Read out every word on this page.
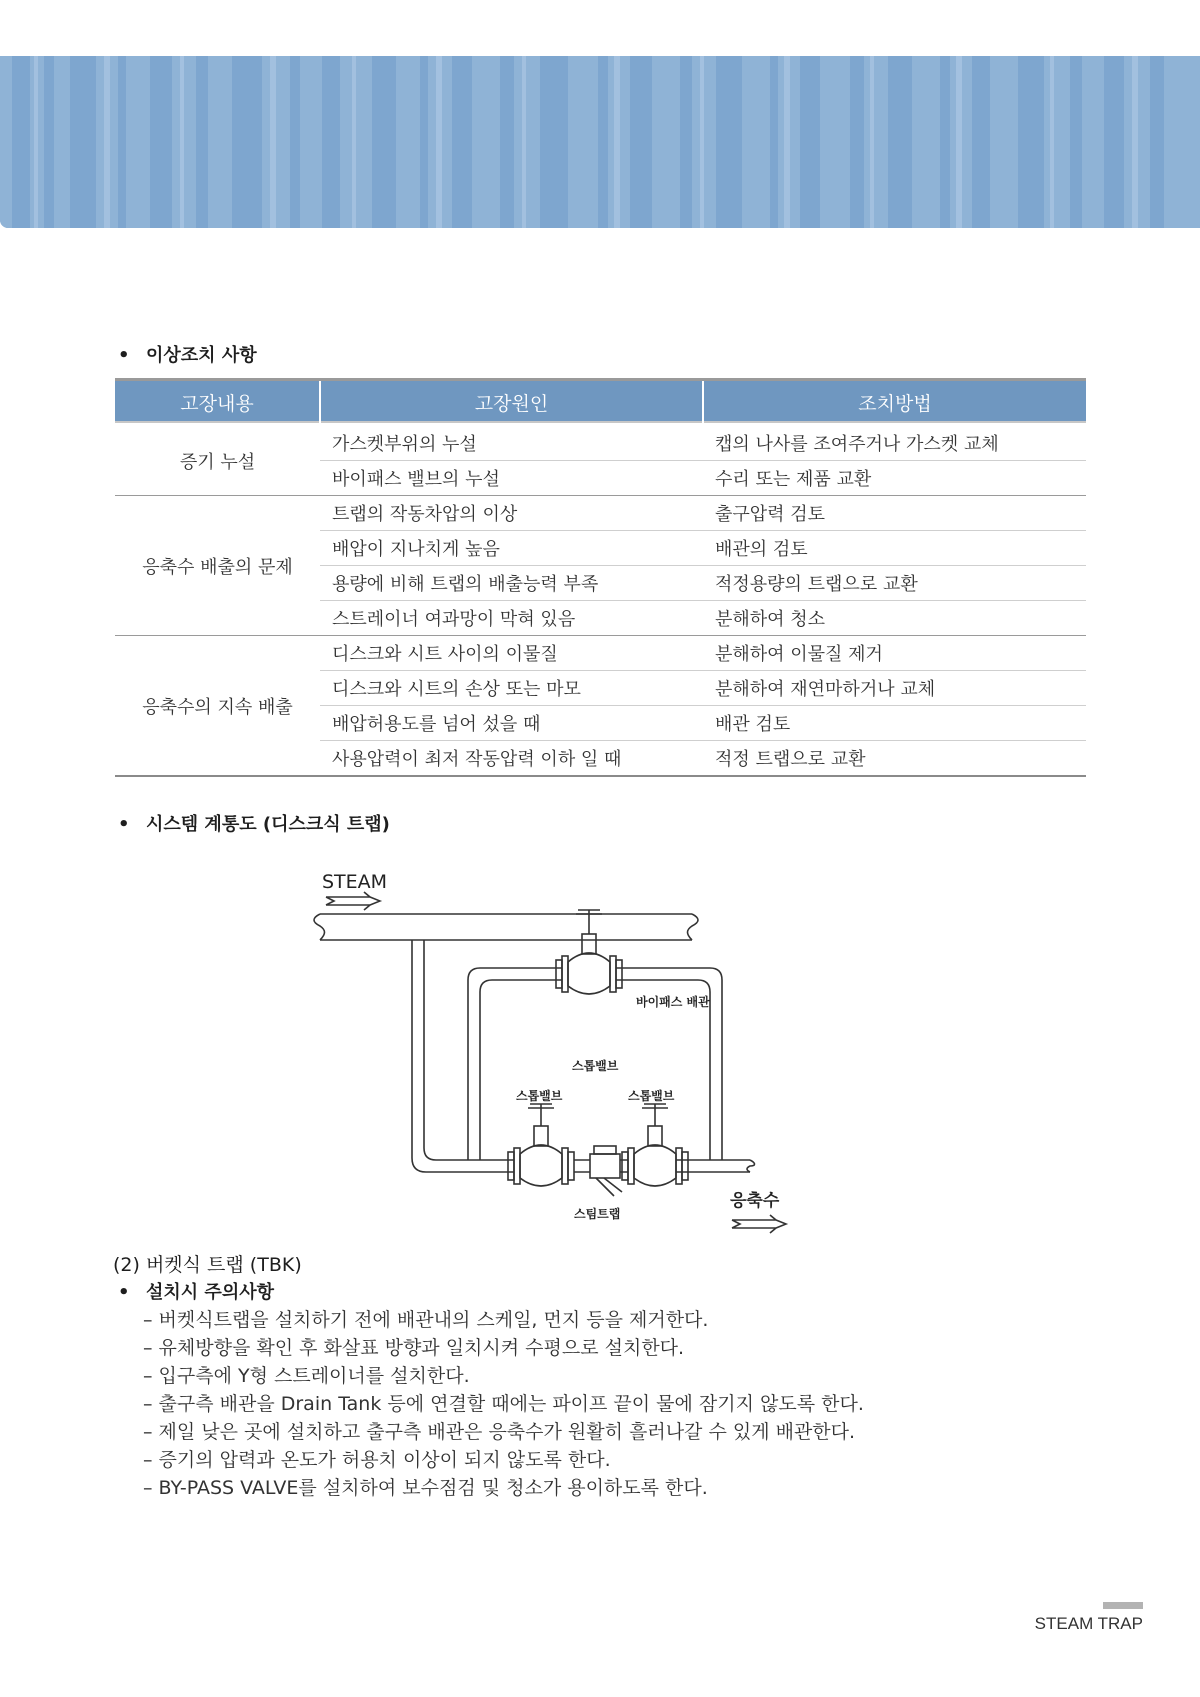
• 이상조치 사항
고장내용	고장원인	조치방법
증기 누설	가스켓부위의 누설	캡의 나사를 조여주거나 가스켓 교체
	바이패스 밸브의 누설	수리 또는 제품 교환
응축수 배출의 문제	트랩의 작동차압의 이상	출구압력 검토
	배압이 지나치게 높음	배관의 검토
	용량에 비해 트랩의 배출능력 부족	적정용량의 트랩으로 교환
	스트레이너 여과망이 막혀 있음	분해하여 청소
응축수의 지속 배출	디스크와 시트 사이의 이물질	분해하여 이물질 제거
	디스크와 시트의 손상 또는 마모	분해하여 재연마하거나 교체
	배압허용도를 넘어 섰을 때	배관 검토
	사용압력이 최저 작동압력 이하 일 때	적정 트랩으로 교환
• 시스템 계통도 (디스크식 트랩)
STEAM
바이패스 배관
스톱밸브
스톱밸브	스톱밸브
스팀트랩
응축수
(2) 버켓식 트랩 (TBK)
• 설치시 주의사항
– 버켓식트랩을 설치하기 전에 배관내의 스케일, 먼지 등을 제거한다.
– 유체방향을 확인 후 화살표 방향과 일치시켜 수평으로 설치한다.
– 입구측에 Y형 스트레이너를 설치한다.
– 출구측 배관을 Drain Tank 등에 연결할 때에는 파이프 끝이 물에 잠기지 않도록 한다.
– 제일 낮은 곳에 설치하고 출구측 배관은 응축수가 원활히 흘러나갈 수 있게 배관한다.
– 증기의 압력과 온도가 허용치 이상이 되지 않도록 한다.
– BY-PASS VALVE를 설치하여 보수점검 및 청소가 용이하도록 한다.
STEAM TRAP
